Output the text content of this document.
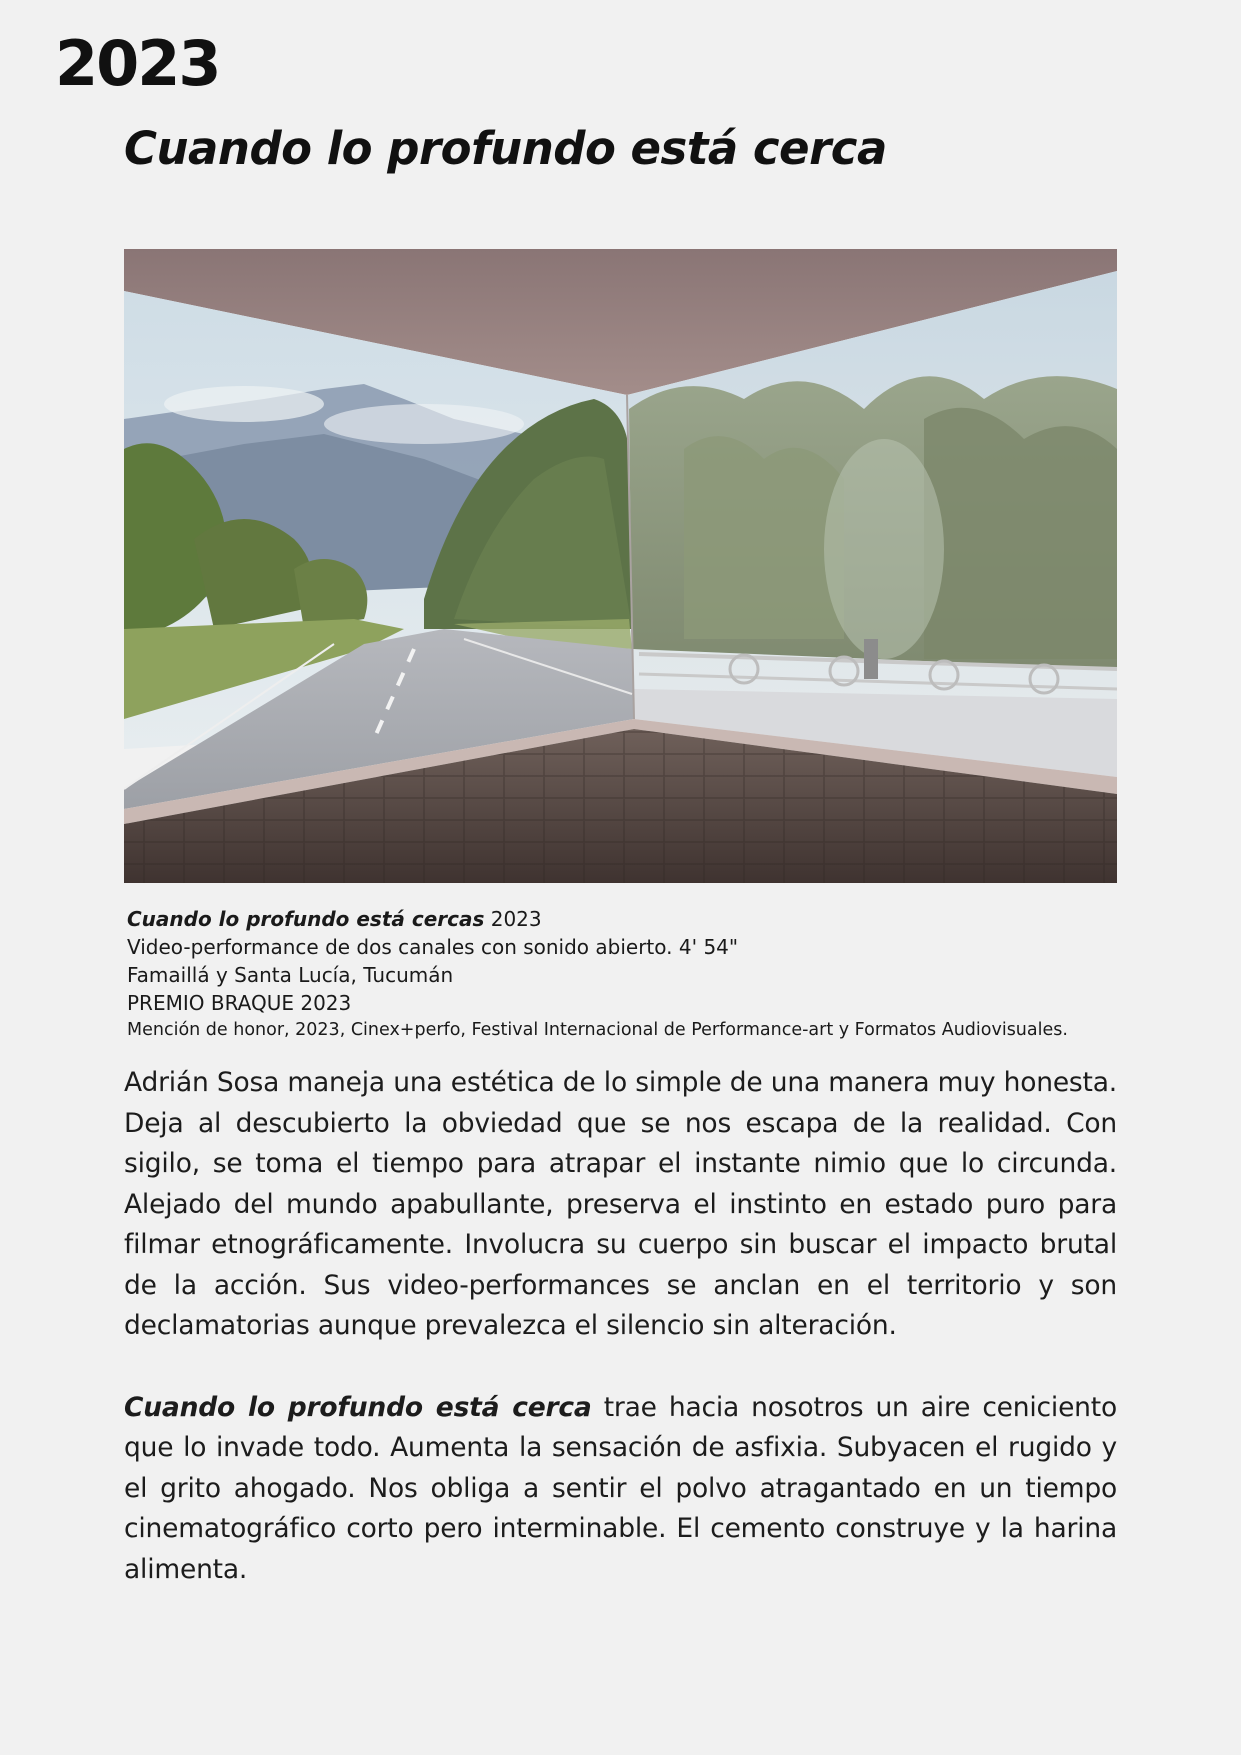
2023
Cuando lo profundo está cerca
Cuando lo profundo está cercas 2023
Video-performance de dos canales con sonido abierto. 4' 54"
Famaillá y Santa Lucía, Tucumán
PREMIO BRAQUE 2023
Mención de honor, 2023, Cinex+perfo, Festival Internacional de Performance-art y Formatos Audiovisuales.

Adrián Sosa maneja una estética de lo simple de una manera muy honesta. Deja al descubierto la obviedad que se nos escapa de la realidad. Con sigilo, se toma el tiempo para atrapar el instante nimio que lo circunda. Alejado del mundo apabullante, preserva el instinto en estado puro para filmar etnográficamente. Involucra su cuerpo sin buscar el impacto brutal de la acción. Sus video-performances se anclan en el territorio y son declamatorias aunque prevalezca el silencio sin alteración.

Cuando lo profundo está cerca trae hacia nosotros un aire ceniciento que lo invade todo. Aumenta la sensación de asfixia. Subyacen el rugido y el grito ahogado. Nos obliga a sentir el polvo atragantado en un tiempo cinematográfico corto pero interminable. El cemento construye y la harina alimenta.
